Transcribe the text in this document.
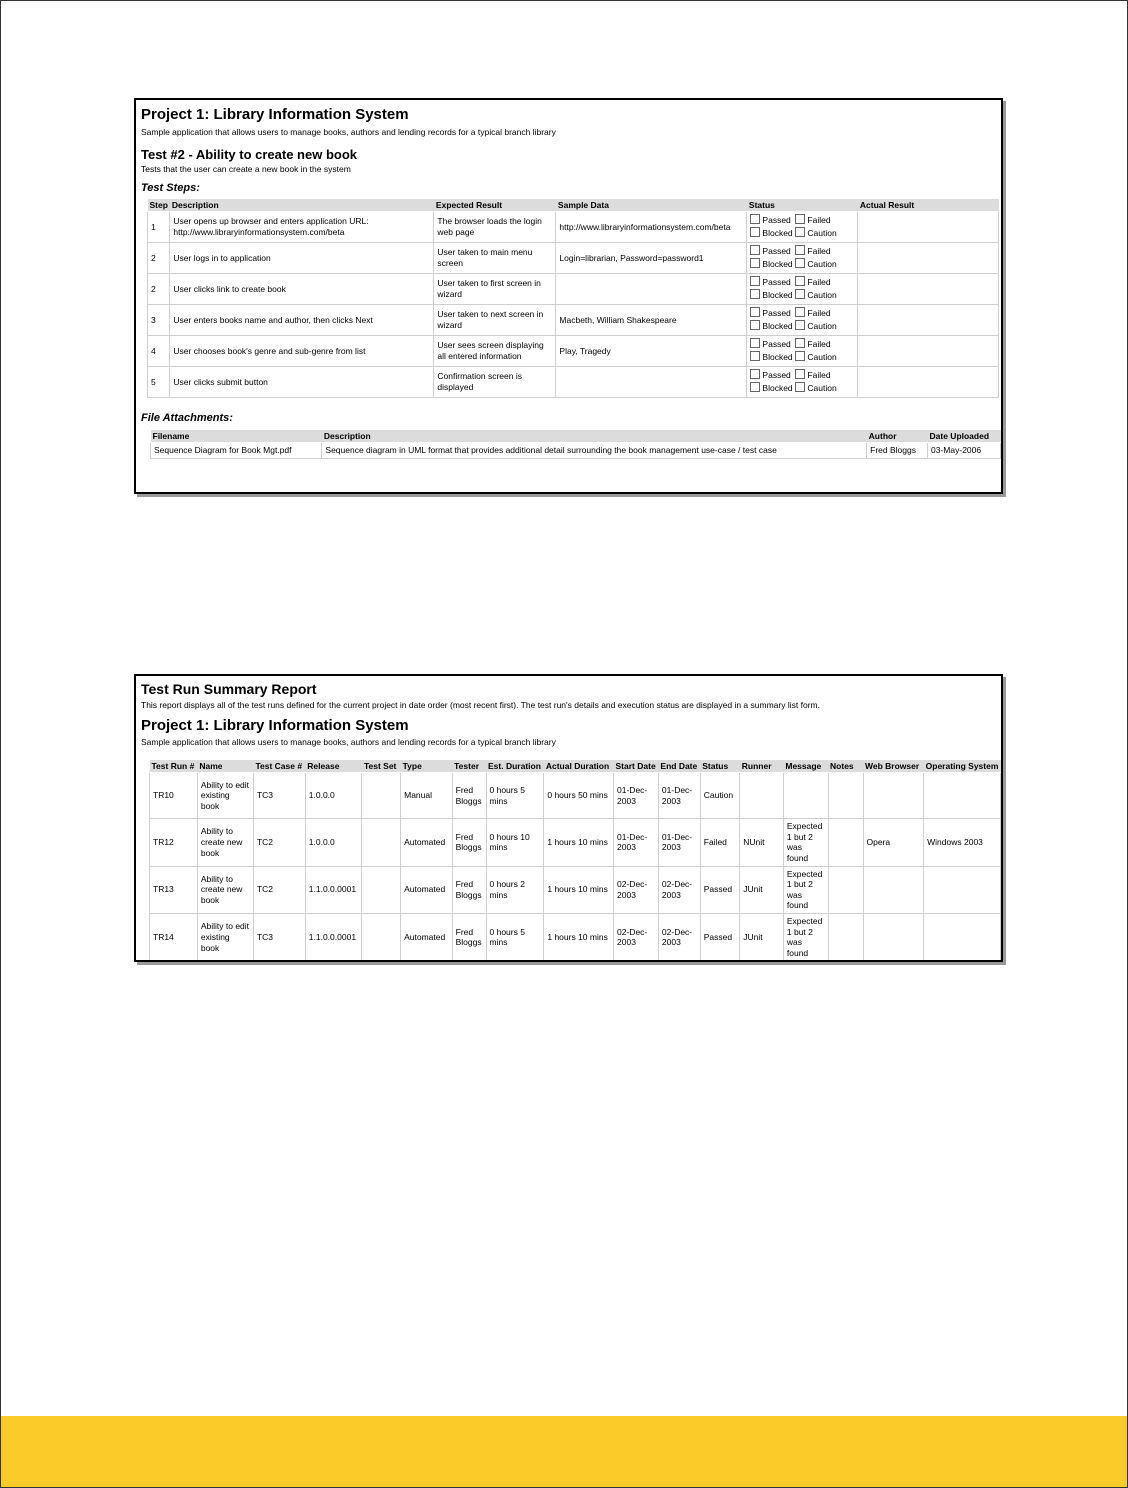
Project 1: Library Information System
Sample application that allows users to manage books, authors and lending records for a typical branch library
Test #2 - Ability to create new book
Tests that the user can create a new book in the system
Test Steps:
Step	Description	Expected Result	Sample Data	Status	Actual Result
1	User opens up browser and enters application URL: http://www.libraryinformationsystem.com/beta	The browser loads the login web page	http://www.libraryinformationsystem.com/beta	Passed Failed
Blocked Caution	

2	User logs in to application	User taken to main menu screen	Login=librarian, Password=password1	Passed Failed
Blocked Caution	

2	User clicks link to create book	User taken to first screen in wizard		Passed Failed
Blocked Caution	

3	User enters books name and author, then clicks Next	User taken to next screen in wizard	Macbeth, William Shakespeare	Passed Failed
Blocked Caution	

4	User chooses book's genre and sub-genre from list	User sees screen displaying all entered information	Play, Tragedy	Passed Failed
Blocked Caution	

5	User clicks submit button	Confirmation screen is displayed		Passed Failed
Blocked Caution	

File Attachments:
Filename	Description	Author	Date Uploaded
Sequence Diagram for Book Mgt.pdf	Sequence diagram in UML format that provides additional detail surrounding the book management use-case / test case	Fred Bloggs	03-May-2006
Test Run Summary Report
This report displays all of the test runs defined for the current project in date order (most recent first). The test run's details and execution status are displayed in a summary list form.
Project 1: Library Information System
Sample application that allows users to manage books, authors and lending records for a typical branch library
Test Run #	Name	Test Case #	Release	Test Set	Type	Tester	Est. Duration	Actual Duration	Start Date	End Date	Status	Runner	Message	Notes	Web Browser	Operating System
TR10	Ability to edit existing book	TC3	1.0.0.0		Manual	Fred Bloggs	0 hours 5 mins	0 hours 50 mins	01-Dec-2003	01-Dec-2003	Caution					
TR12	Ability to create new book	TC2	1.0.0.0		Automated	Fred Bloggs	0 hours 10 mins	1 hours 10 mins	01-Dec-2003	01-Dec-2003	Failed	NUnit	Expected 1 but 2 was found		Opera	Windows 2003
TR13	Ability to create new book	TC2	1.1.0.0.0001		Automated	Fred Bloggs	0 hours 2 mins	1 hours 10 mins	02-Dec-2003	02-Dec-2003	Passed	JUnit	Expected 1 but 2 was found			
TR14	Ability to edit existing book	TC3	1.1.0.0.0001		Automated	Fred Bloggs	0 hours 5 mins	1 hours 10 mins	02-Dec-2003	02-Dec-2003	Passed	JUnit	Expected 1 but 2 was found			
